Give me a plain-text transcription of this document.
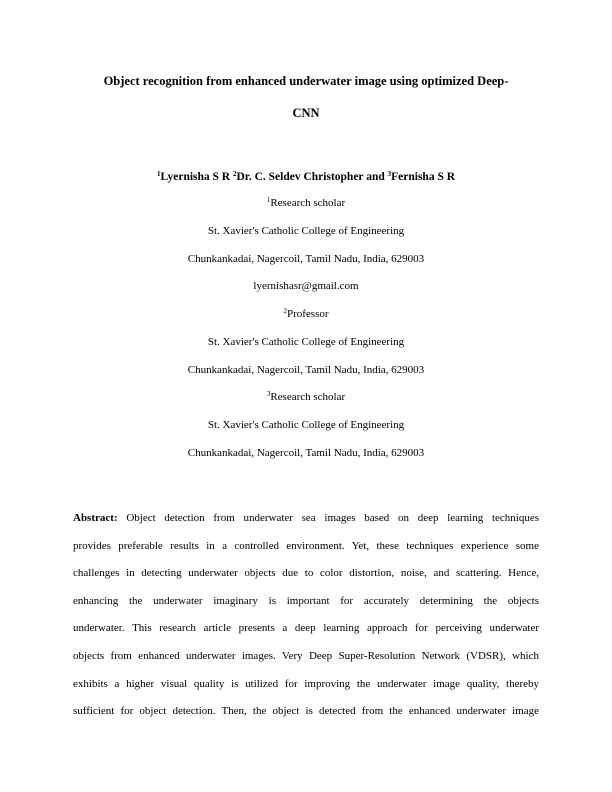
Object recognition from enhanced underwater image using optimized Deep-
CNN
$^1$Lyernisha S R $^2$Dr. C. Seldev Christopher and $^3$Fernisha S R
$^1$Research scholar
St. Xavier's Catholic College of Engineering
Chunkankadai, Nagercoil, Tamil Nadu, India, 629003
lyernishasr@gmail.com
$^2$Professor
St. Xavier's Catholic College of Engineering
Chunkankadai, Nagercoil, Tamil Nadu, India, 629003
$^3$Research scholar
St. Xavier's Catholic College of Engineering
Chunkankadai, Nagercoil, Tamil Nadu, India, 629003
Abstract: Object detection from underwater sea images based on deep learning techniques
provides preferable results in a controlled environment. Yet, these techniques experience some
challenges in detecting underwater objects due to color distortion, noise, and scattering. Hence,
enhancing the underwater imaginary is important for accurately determining the objects
underwater. This research article presents a deep learning approach for perceiving underwater
objects from enhanced underwater images. Very Deep Super-Resolution Network (VDSR), which
exhibits a higher visual quality is utilized for improving the underwater image quality, thereby
sufficient for object detection. Then, the object is detected from the enhanced underwater image
